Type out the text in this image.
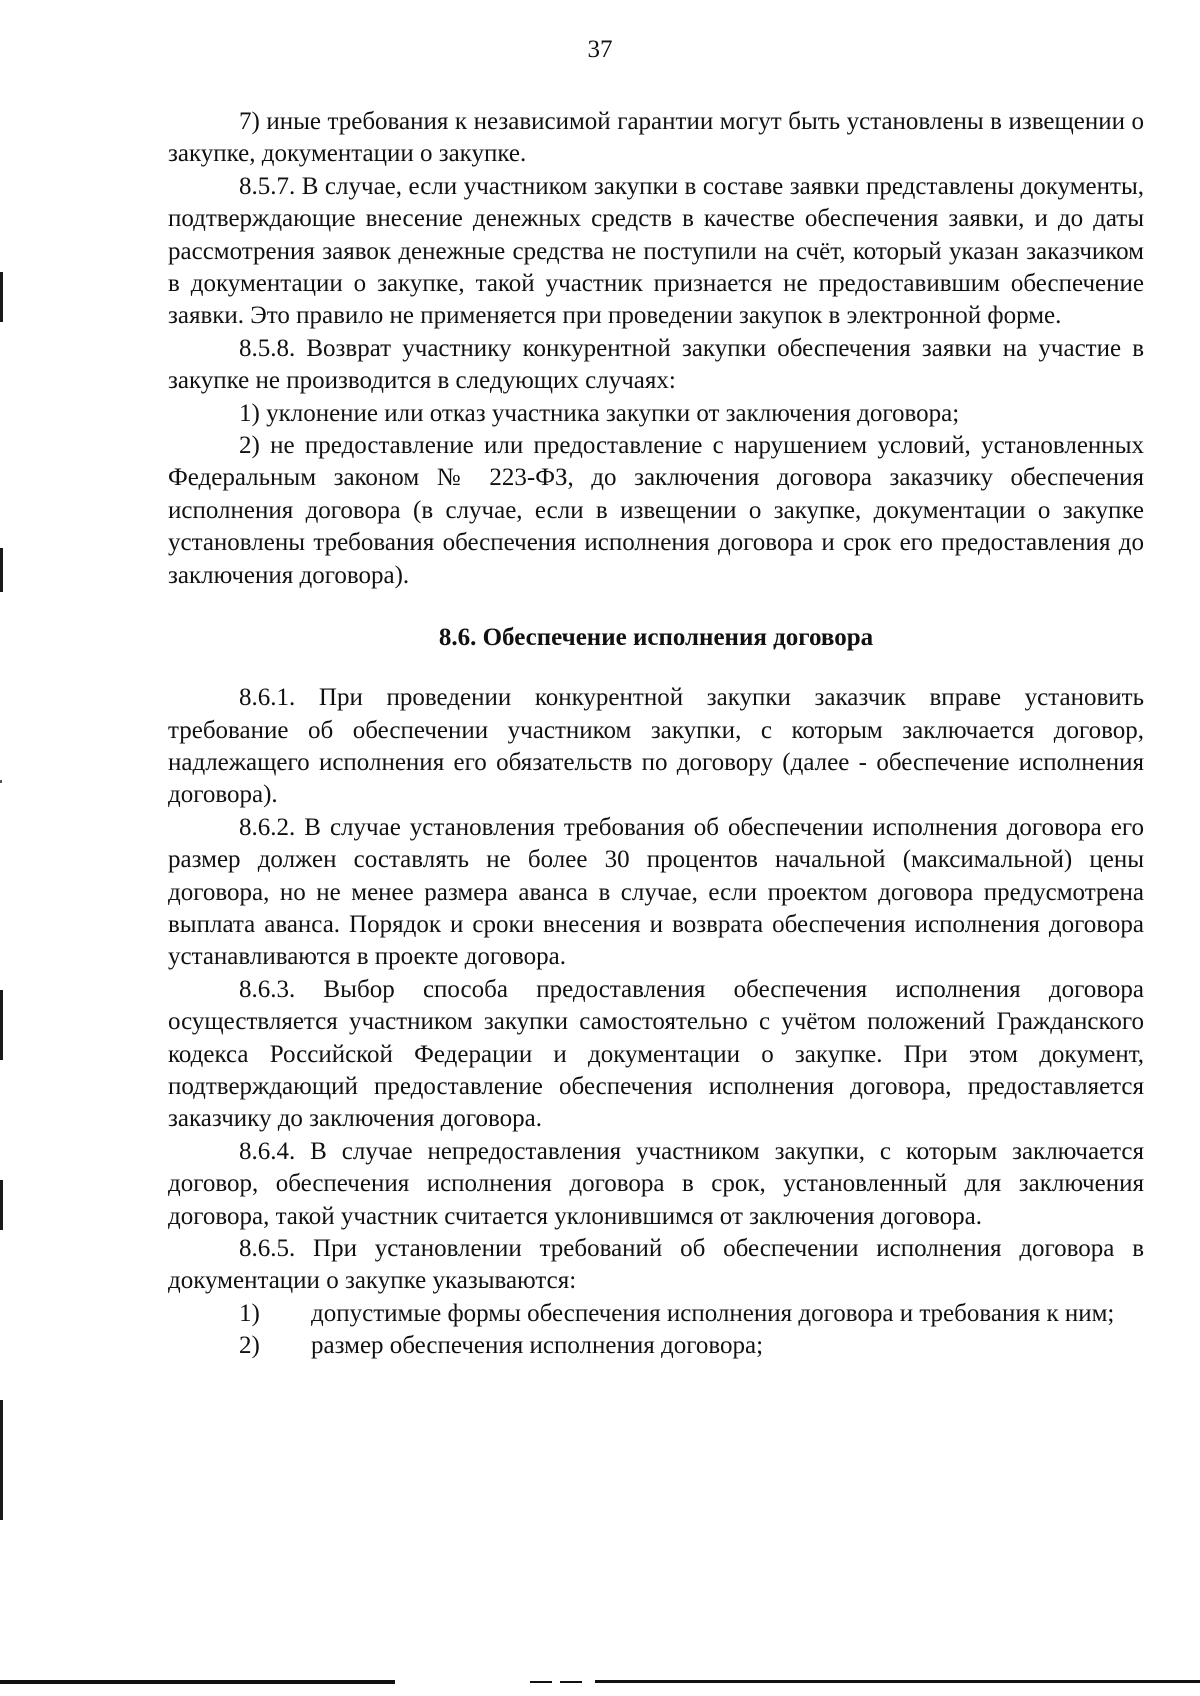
37

7) иные требования к независимой гарантии могут быть установлены в извещении о закупке, документации о закупке.

8.5.7. В случае, если участником закупки в составе заявки представлены документы, подтверждающие внесение денежных средств в качестве обеспечения заявки, и до даты рассмотрения заявок денежные средства не поступили на счёт, который указан заказчиком в документации о закупке, такой участник признается не предоставившим обеспечение заявки. Это правило не применяется при проведении закупок в электронной форме.

8.5.8. Возврат участнику конкурентной закупки обеспечения заявки на участие в закупке не производится в следующих случаях:

1) уклонение или отказ участника закупки от заключения договора;

2) не предоставление или предоставление с нарушением условий, установленных Федеральным законом № 223-ФЗ, до заключения договора заказчику обеспечения исполнения договора (в случае, если в извещении о закупке, документации о закупке установлены требования обеспечения исполнения договора и срок его предоставления до заключения договора).

8.6. Обеспечение исполнения договора

8.6.1. При проведении конкурентной закупки заказчик вправе установить требование об обеспечении участником закупки, с которым заключается договор, надлежащего исполнения его обязательств по договору (далее - обеспечение исполнения договора).

8.6.2. В случае установления требования об обеспечении исполнения договора его размер должен составлять не более 30 процентов начальной (максимальной) цены договора, но не менее размера аванса в случае, если проектом договора предусмотрена выплата аванса. Порядок и сроки внесения и возврата обеспечения исполнения договора устанавливаются в проекте договора.

8.6.3. Выбор способа предоставления обеспечения исполнения договора осуществляется участником закупки самостоятельно с учётом положений Гражданского кодекса Российской Федерации и документации о закупке. При этом документ, подтверждающий предоставление обеспечения исполнения договора, предоставляется заказчику до заключения договора.

8.6.4. В случае непредоставления участником закупки, с которым заключается договор, обеспечения исполнения договора в срок, установленный для заключения договора, такой участник считается уклонившимся от заключения договора.

8.6.5. При установлении требований об обеспечении исполнения договора в документации о закупке указываются:

1) допустимые формы обеспечения исполнения договора и требования к ним;

2) размер обеспечения исполнения договора;
